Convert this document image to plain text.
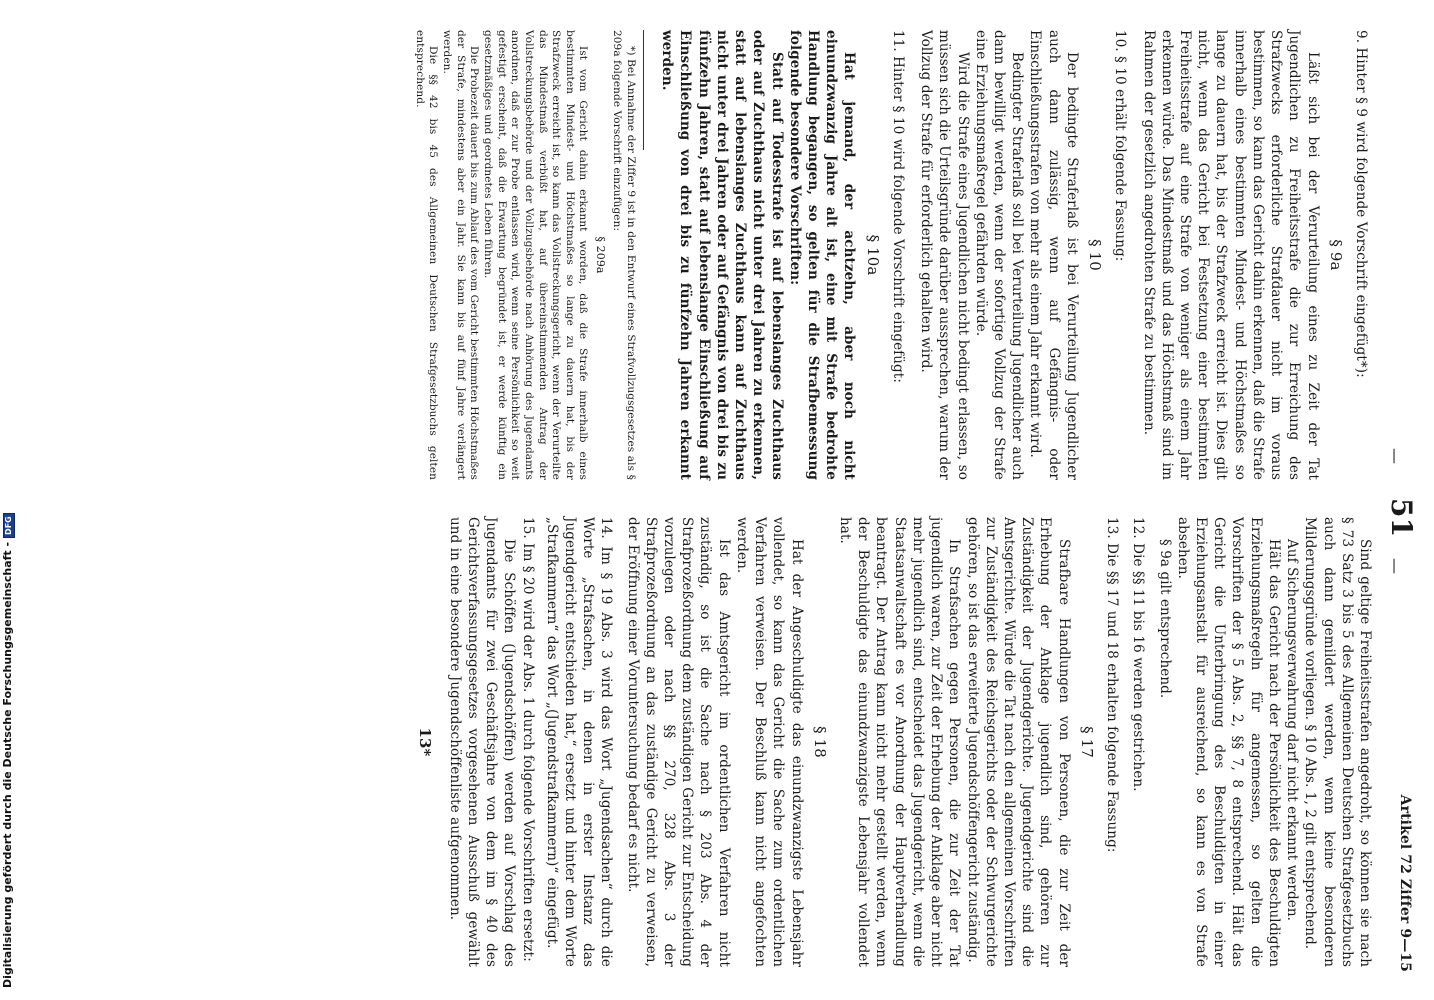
—
51
—
Artikel 72 Ziffer 9—15

9. Hinter § 9 wird folgende Vorschrift eingefügt*):

§ 9a

Läßt sich bei der Verurteilung eines zu Zeit der Tat Jugendlichen zu Freiheitsstrafe die zur Erreichung des Strafzwecks erforderliche Strafdauer nicht im voraus bestimmen, so kann das Gericht dahin erkennen, daß die Strafe innerhalb eines bestimmten Mindest- und Höchstmaßes so lange zu dauern hat, bis der Strafzweck erreicht ist. Dies gilt nicht, wenn das Gericht bei Festsetzung einer bestimmten Freiheitsstrafe auf eine Strafe von weniger als einem Jahr erkennen würde. Das Mindestmaß und das Höchstmaß sind im Rahmen der gesetzlich angedrohten Strafe zu bestimmen.

10. § 10 erhält folgende Fassung:

§ 10

Der bedingte Straferlaß ist bei Verurteilung Jugendlicher auch dann zulässig, wenn auf Gefängnis- oder Einschließungsstrafen von mehr als einem Jahr erkannt wird.

Bedingter Straferlaß soll bei Verurteilung Jugendlicher auch dann bewilligt werden, wenn der sofortige Vollzug der Strafe eine Erziehungsmaßregel gefährden würde.

Wird die Strafe eines Jugendlichen nicht bedingt erlassen, so müssen sich die Urteilsgründe darüber aussprechen, warum der Vollzug der Strafe für erforderlich gehalten wird.

11. Hinter § 10 wird folgende Vorschrift eingefügt:

§ 10a

Hat jemand, der achtzehn, aber noch nicht einundzwanzig Jahre alt ist, eine mit Strafe bedrohte Handlung begangen, so gelten für die Strafbemessung folgende besondere Vorschriften:

Statt auf Todesstrafe ist auf lebenslanges Zuchthaus oder auf Zuchthaus nicht unter drei Jahren zu erkennen, statt auf lebenslanges Zuchthaus kann auf Zuchthaus nicht unter drei Jahren oder auf Gefängnis von drei bis zu fünfzehn Jahren, statt auf lebenslange Einschließung auf Einschließung von drei bis zu fünfzehn Jahren erkannt werden.

*) Bei Annahme der Ziffer 9 ist in den Entwurf eines Strafvollzugsgesetzes als § 209a folgende Vorschrift einzufügen:

§ 209a

Ist vom Gericht dahin erkannt worden, daß die Strafe innerhalb eines bestimmten Mindest- und Höchstmaßes so lange zu dauern hat, bis der Strafzweck erreicht ist, so kann das Vollstreckungsgericht, wenn der Verurteilte das Mindestmaß verbüßt hat, auf übereinstimmenden Antrag der Vollstreckungsbehörde und der Vollzugsbehörde nach Anhörung des Jugendamts anordnen, daß er zur Probe entlassen wird, wenn seine Persönlichkeit so weit gefestigt erscheint, daß die Erwartung begründet ist, er werde künftig ein gesetzmäßiges und geordnetes Leben führen.

Die Probezeit dauert bis zum Ablauf des vom Gericht bestimmten Höchstmaßes der Strafe, mindestens aber ein Jahr. Sie kann bis auf fünf Jahre verlängert werden.

Die §§ 42 bis 45 des Allgemeinen Deutschen Strafgesetzbuchs gelten entsprechend.

Sind geltige Freiheitsstrafen angedroht, so können sie nach § 73 Satz 3 bis 5 des Allgemeinen Deutschen Strafgesetzbuchs auch dann gemildert werden, wenn keine besonderen Milderungsgründe vorliegen. § 10 Abs. 1, 2 gilt entsprechend.

Auf Sicherungsverwahrung darf nicht erkannt werden.

Hält das Gericht nach der Persönlichkeit des Beschuldigten Erziehungsmaßregeln für angemessen, so gelten die Vorschriften der § 5 Abs. 2, §§ 7, 8 entsprechend. Hält das Gericht die Unterbringung des Beschuldigten in einer Erziehungsanstalt für ausreichend, so kann es von Strafe absehen.

§ 9a gilt entsprechend.

12. Die §§ 11 bis 16 werden gestrichen.

13. Die §§ 17 und 18 erhalten folgende Fassung:

§ 17

Strafbare Handlungen von Personen, die zur Zeit der Erhebung der Anklage jugendlich sind, gehören zur Zuständigkeit der Jugendgerichte. Jugendgerichte sind die Amtsgerichte. Würde die Tat nach den allgemeinen Vorschriften zur Zuständigkeit des Reichsgerichts oder der Schwurgerichte gehören, so ist das erweiterte Jugendschöffengericht zuständig.

In Strafsachen gegen Personen, die zur Zeit der Tat jugendlich waren, zur Zeit der Erhebung der Anklage aber nicht mehr jugendlich sind, entscheidet das Jugendgericht, wenn die Staatsanwaltschaft es vor Anordnung der Hauptverhandlung beantragt. Der Antrag kann nicht mehr gestellt werden, wenn der Beschuldigte das einundzwanzigste Lebensjahr vollendet hat.

§ 18

Hat der Angeschuldigte das einundzwanzigste Lebensjahr vollendet, so kann das Gericht die Sache zum ordentlichen Verfahren verweisen. Der Beschluß kann nicht angefochten werden.

Ist das Amtsgericht im ordentlichen Verfahren nicht zuständig, so ist die Sache nach § 203 Abs. 4 der Strafprozeßordnung dem zuständigen Gericht zur Entscheidung vorzulegen oder nach §§ 270, 328 Abs. 3 der Strafprozeßordnung an das zuständige Gericht zu verweisen, der Eröffnung einer Voruntersuchung bedarf es nicht.

14. Im § 19 Abs. 3 wird das Wort „Jugendsachen“ durch die Worte „Strafsachen, in denen in erster Instanz das Jugendgericht entschieden hat,“ ersetzt und hinter dem Worte „Strafkammern“ das Wort „(Jugendstrafkammern)“ eingefügt.

15. Im § 20 wird der Abs. 1 durch folgende Vorschriften ersetzt:

Die Schöffen (Jugendschöffen) werden auf Vorschlag des Jugendamts für zwei Geschäftsjahre von dem im § 40 des Gerichtsverfassungsgesetzes vorgesehenen Ausschuß gewählt und in eine besondere Jugendschöffenliste aufgenommen.

13*

Digitalisierung gefördert durch die Deutsche Forschungsgemeinschaft -DFG
